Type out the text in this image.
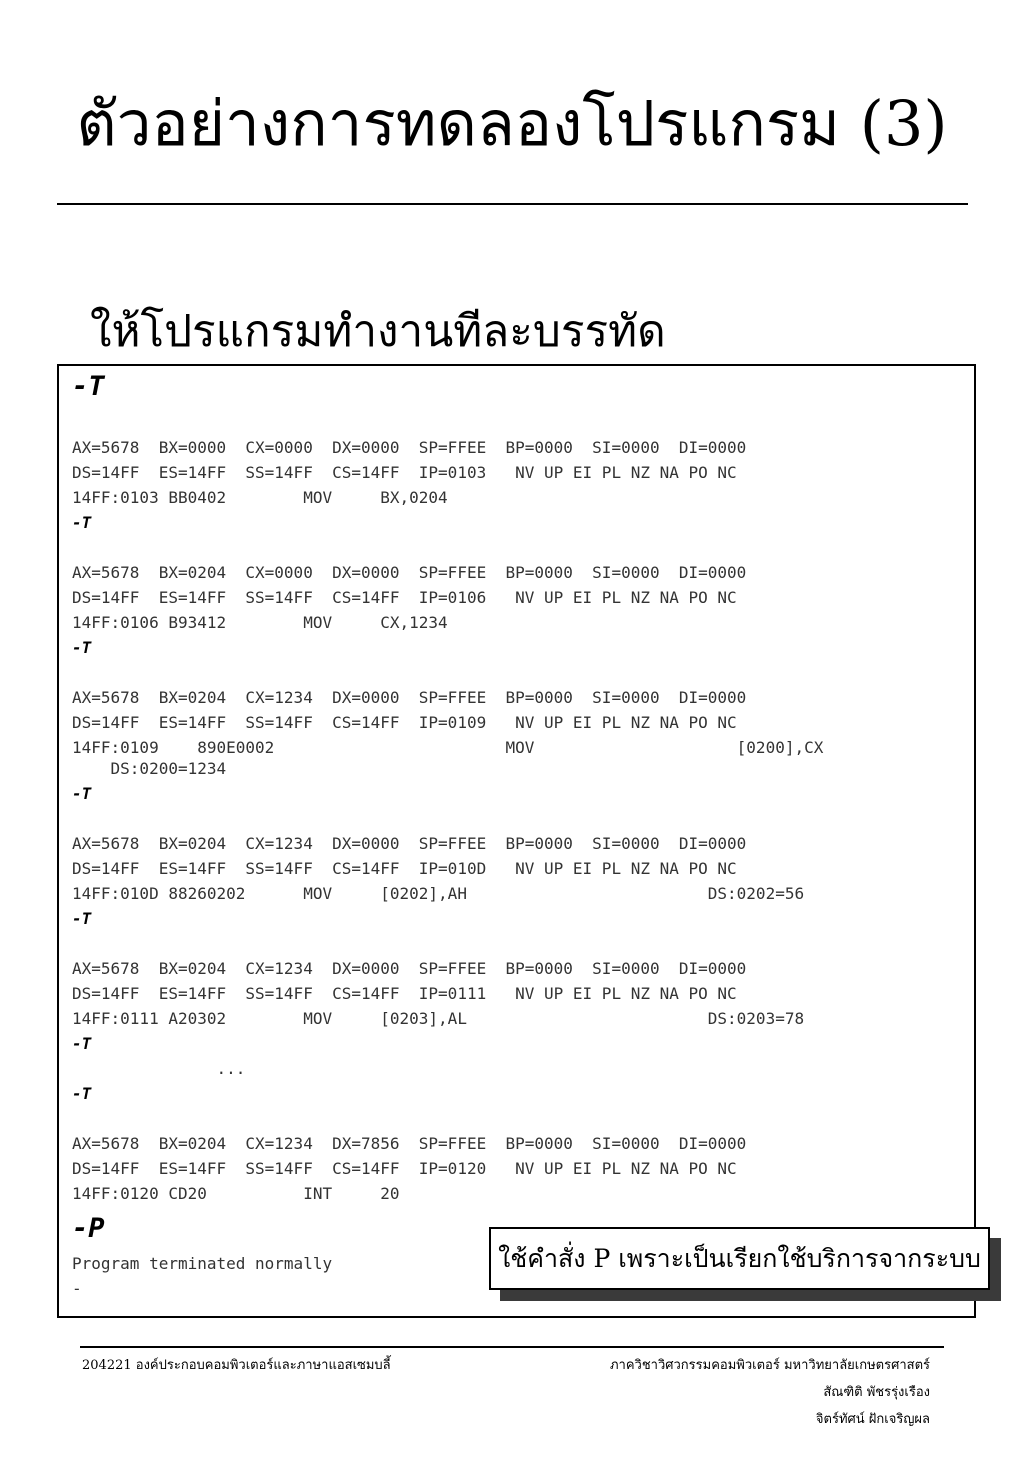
ตัวอย่างการทดลองโปรแกรม (3)
ให้โปรแกรมทำงานทีละบรรทัด
-T
AX=5678  BX=0000  CX=0000  DX=0000  SP=FFEE  BP=0000  SI=0000  DI=0000
DS=14FF  ES=14FF  SS=14FF  CS=14FF  IP=0103   NV UP EI PL NZ NA PO NC
14FF:0103 BB0402        MOV     BX,0204
-T
AX=5678  BX=0204  CX=0000  DX=0000  SP=FFEE  BP=0000  SI=0000  DI=0000
DS=14FF  ES=14FF  SS=14FF  CS=14FF  IP=0106   NV UP EI PL NZ NA PO NC
14FF:0106 B93412        MOV     CX,1234
-T
AX=5678  BX=0204  CX=1234  DX=0000  SP=FFEE  BP=0000  SI=0000  DI=0000
DS=14FF  ES=14FF  SS=14FF  CS=14FF  IP=0109   NV UP EI PL NZ NA PO NC
14FF:0109    890E0002                        MOV                     [0200],CX
DS:0200=1234
-T
AX=5678  BX=0204  CX=1234  DX=0000  SP=FFEE  BP=0000  SI=0000  DI=0000
DS=14FF  ES=14FF  SS=14FF  CS=14FF  IP=010D   NV UP EI PL NZ NA PO NC
14FF:010D 88260202      MOV     [0202],AH                         DS:0202=56
-T
AX=5678  BX=0204  CX=1234  DX=0000  SP=FFEE  BP=0000  SI=0000  DI=0000
DS=14FF  ES=14FF  SS=14FF  CS=14FF  IP=0111   NV UP EI PL NZ NA PO NC
14FF:0111 A20302        MOV     [0203],AL                         DS:0203=78
-T
...
-T
AX=5678  BX=0204  CX=1234  DX=7856  SP=FFEE  BP=0000  SI=0000  DI=0000
DS=14FF  ES=14FF  SS=14FF  CS=14FF  IP=0120   NV UP EI PL NZ NA PO NC
14FF:0120 CD20          INT     20
-P
Program terminated normally
-
ใช้คำสั่ง P เพราะเป็นเรียกใช้บริการจากระบบ
204221 องค์ประกอบคอมพิวเตอร์และภาษาแอสเซมบลี้	ภาควิชาวิศวกรรมคอมพิวเตอร์ มหาวิทยาลัยเกษตรศาสตร์
สัณฑิติ พัชรรุ่งเรือง
จิตร์ทัศน์ ฝักเจริญผล
